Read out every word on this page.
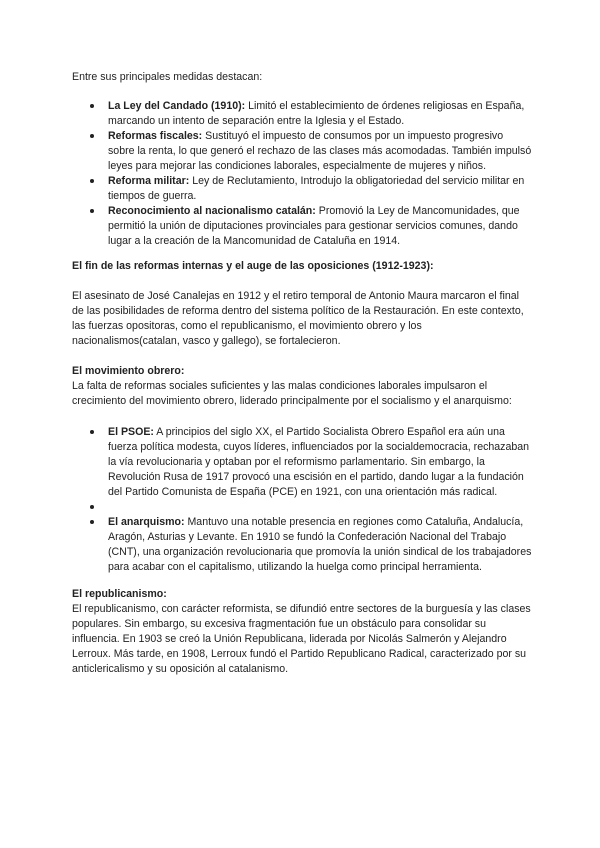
Entre sus principales medidas destacan:

La Ley del Candado (1910): Limitó el establecimiento de órdenes religiosas en España, marcando un intento de separación entre la Iglesia y el Estado.
Reformas fiscales: Sustituyó el impuesto de consumos por un impuesto progresivo sobre la renta, lo que generó el rechazo de las clases más acomodadas. También impulsó leyes para mejorar las condiciones laborales, especialmente de mujeres y niños.
Reforma militar: Ley de Reclutamiento, Introdujo la obligatoriedad del servicio militar en tiempos de guerra.
Reconocimiento al nacionalismo catalán: Promovió la Ley de Mancomunidades, que permitió la unión de diputaciones provinciales para gestionar servicios comunes, dando lugar a la creación de la Mancomunidad de Cataluña en 1914.

El fin de las reformas internas y el auge de las oposiciones (1912-1923):

El asesinato de José Canalejas en 1912 y el retiro temporal de Antonio Maura marcaron el final de las posibilidades de reforma dentro del sistema político de la Restauración. En este contexto, las fuerzas opositoras, como el republicanismo, el movimiento obrero y los nacionalismos(catalan, vasco y gallego), se fortalecieron.

El movimiento obrero:

La falta de reformas sociales suficientes y las malas condiciones laborales impulsaron el crecimiento del movimiento obrero, liderado principalmente por el socialismo y el anarquismo:

El PSOE: A principios del siglo XX, el Partido Socialista Obrero Español era aún una fuerza política modesta, cuyos líderes, influenciados por la socialdemocracia, rechazaban la vía revolucionaria y optaban por el reformismo parlamentario. Sin embargo, la Revolución Rusa de 1917 provocó una escisión en el partido, dando lugar a la fundación del Partido Comunista de España (PCE) en 1921, con una orientación más radical.
El anarquismo: Mantuvo una notable presencia en regiones como Cataluña, Andalucía, Aragón, Asturias y Levante. En 1910 se fundó la Confederación Nacional del Trabajo (CNT), una organización revolucionaria que promovía la unión sindical de los trabajadores para acabar con el capitalismo, utilizando la huelga como principal herramienta.

El republicanismo:

El republicanismo, con carácter reformista, se difundió entre sectores de la burguesía y las clases populares. Sin embargo, su excesiva fragmentación fue un obstáculo para consolidar su influencia. En 1903 se creó la Unión Republicana, liderada por Nicolás Salmerón y Alejandro Lerroux. Más tarde, en 1908, Lerroux fundó el Partido Republicano Radical, caracterizado por su anticlericalismo y su oposición al catalanismo.
